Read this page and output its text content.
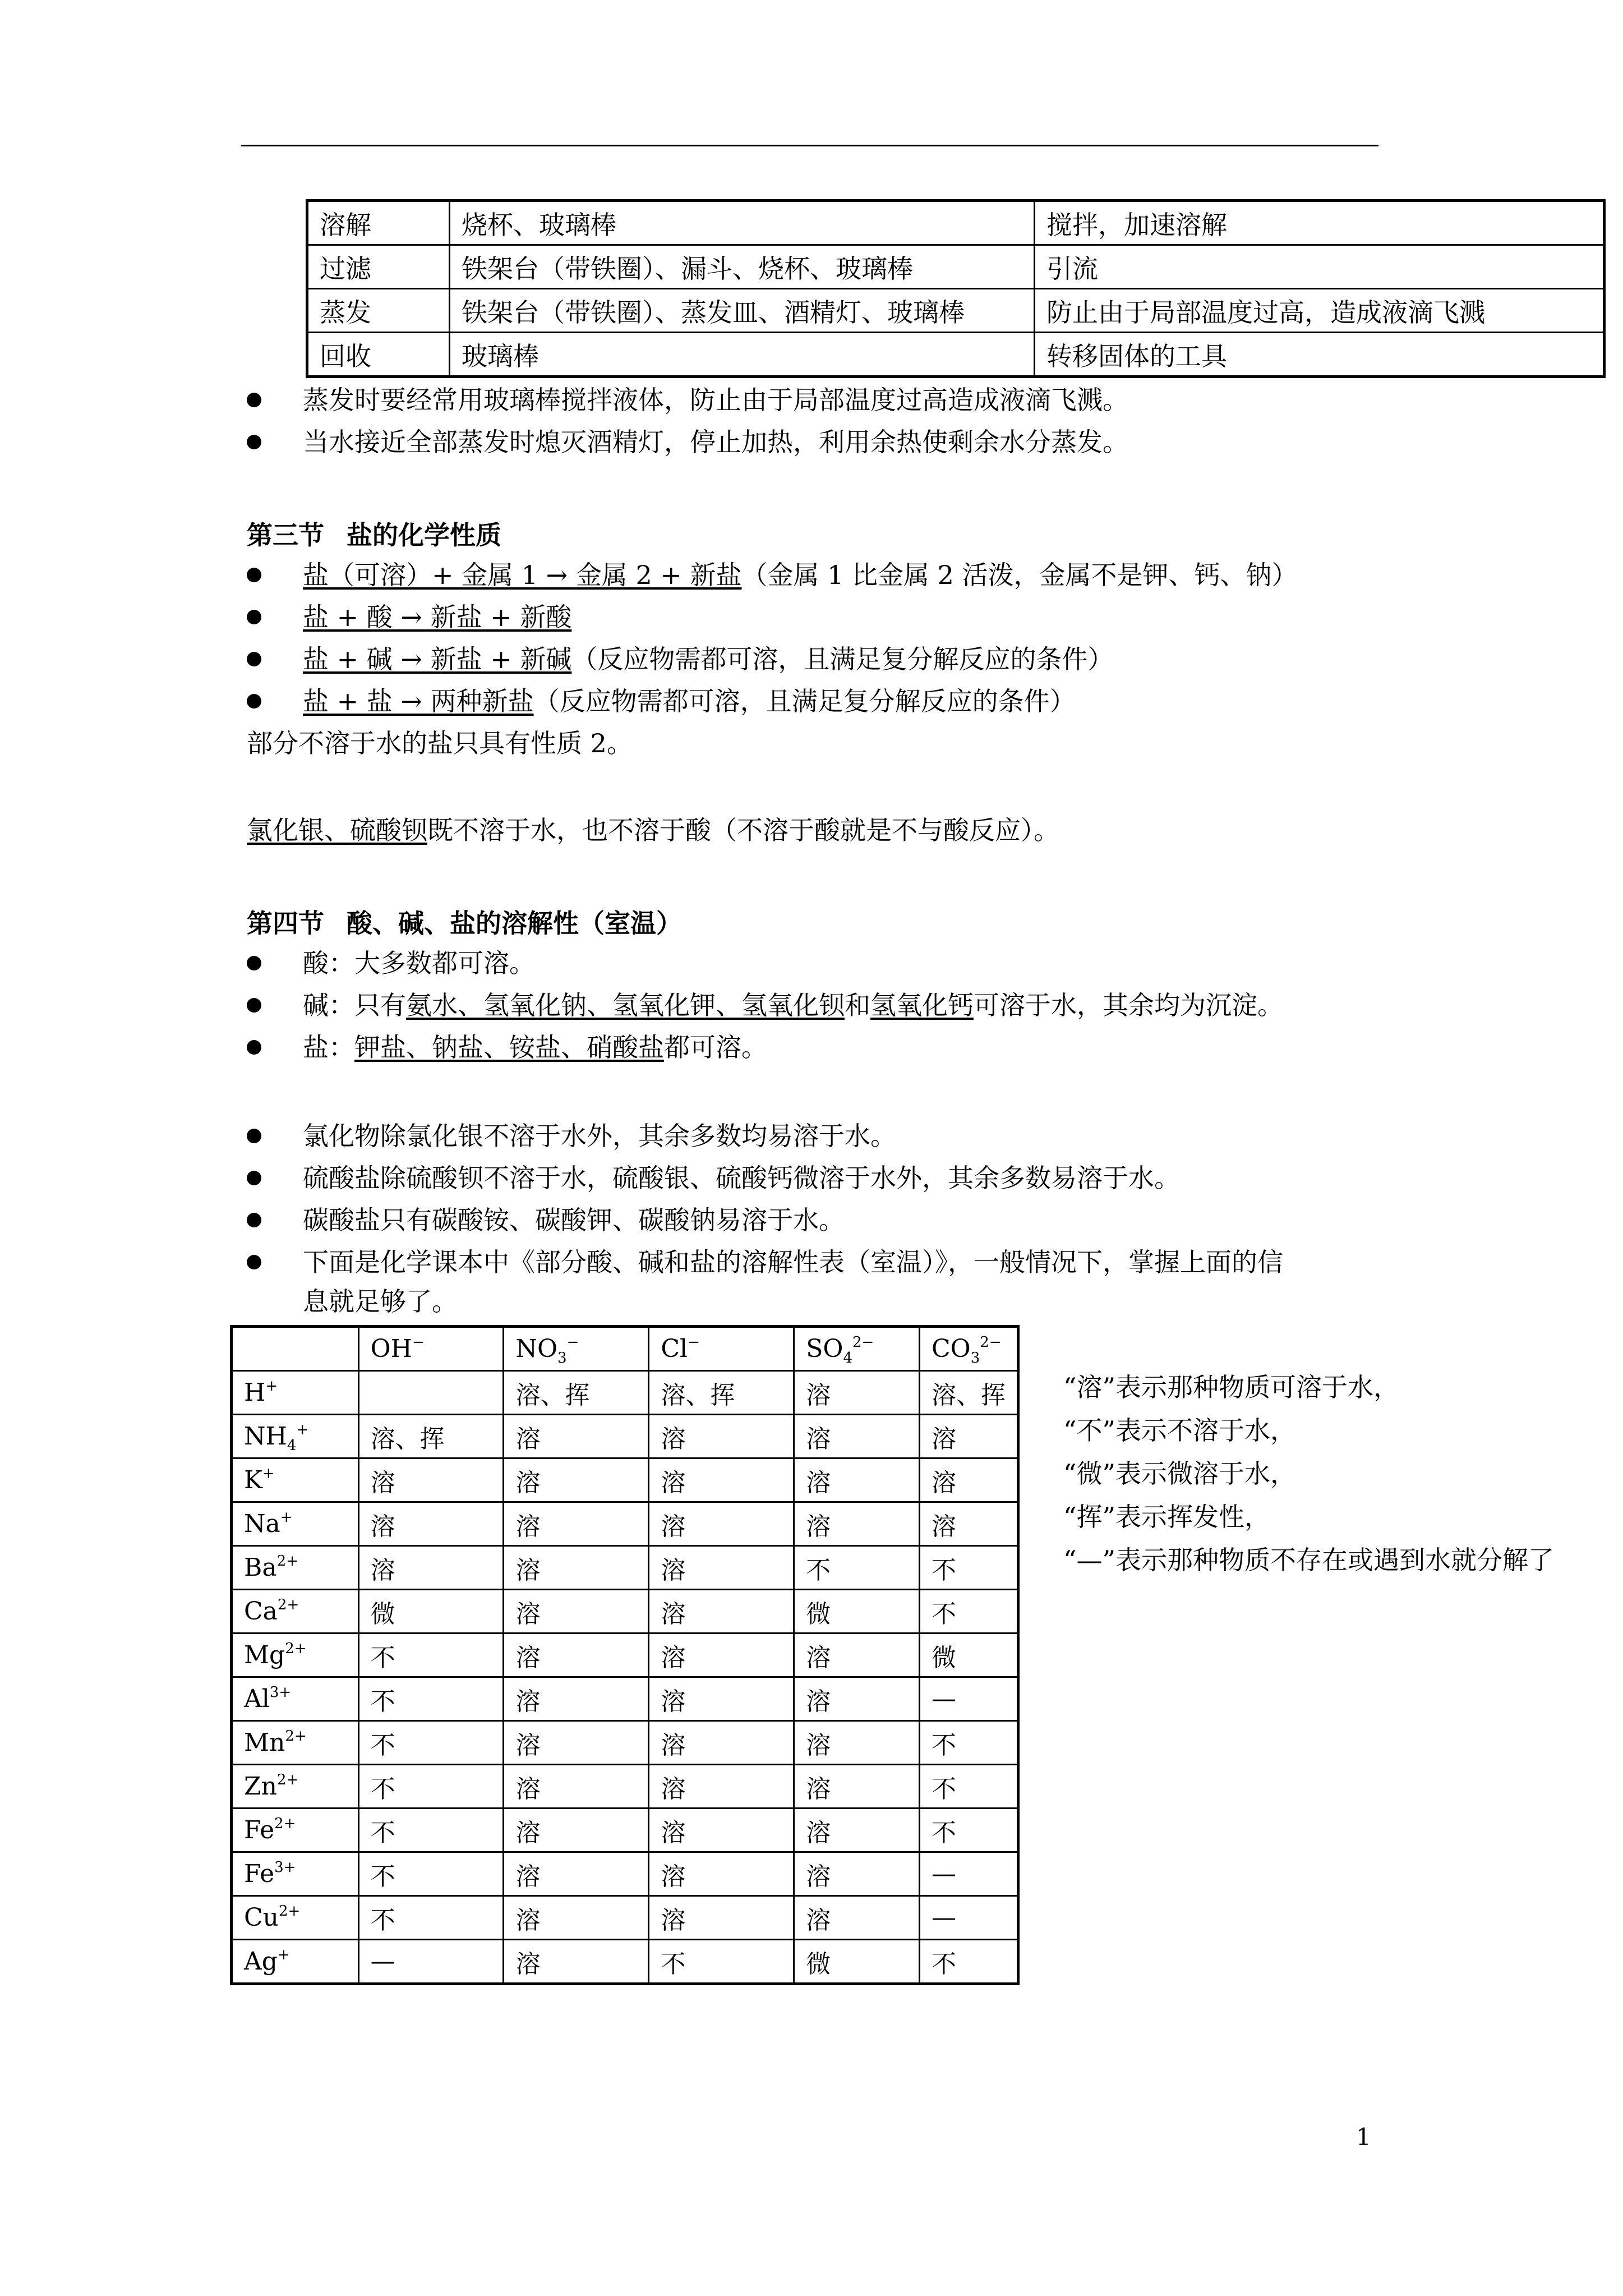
溶解	烧杯、玻璃棒	搅拌，加速溶解
过滤	铁架台（带铁圈）、漏斗、烧杯、玻璃棒	引流
蒸发	铁架台（带铁圈）、蒸发皿、酒精灯、玻璃棒	防止由于局部温度过高，造成液滴飞溅
回收	玻璃棒	转移固体的工具
蒸发时要经常用玻璃棒搅拌液体，防止由于局部温度过高造成液滴飞溅。
当水接近全部蒸发时熄灭酒精灯，停止加热，利用余热使剩余水分蒸发。
第三节 盐的化学性质
盐（可溶）+ 金属 1 → 金属 2 + 新盐（金属 1 比金属 2 活泼，金属不是钾、钙、钠）
盐 + 酸 → 新盐 + 新酸
盐 + 碱 → 新盐 + 新碱（反应物需都可溶，且满足复分解反应的条件）
盐 + 盐 → 两种新盐（反应物需都可溶，且满足复分解反应的条件）
部分不溶于水的盐只具有性质 2。
氯化银、硫酸钡既不溶于水，也不溶于酸（不溶于酸就是不与酸反应）。
第四节 酸、碱、盐的溶解性（室温）
酸：大多数都可溶。
碱：只有氨水、氢氧化钠、氢氧化钾、氢氧化钡和氢氧化钙可溶于水，其余均为沉淀。
盐：钾盐、钠盐、铵盐、硝酸盐都可溶。
氯化物除氯化银不溶于水外，其余多数均易溶于水。
硫酸盐除硫酸钡不溶于水，硫酸银、硫酸钙微溶于水外，其余多数易溶于水。
碳酸盐只有碳酸铵、碳酸钾、碳酸钠易溶于水。
下面是化学课本中《部分酸、碱和盐的溶解性表（室温）》，一般情况下，掌握上面的信
息就足够了。
	OH−	$NO_3^-$	Cl−	$SO_4^{2-}$	$CO_3^{2-}$
H+		溶、挥	溶、挥	溶	溶、挥
$NH_4^+$	溶、挥	溶	溶	溶	溶
K+	溶	溶	溶	溶	溶
Na+	溶	溶	溶	溶	溶
$Ba^{2+}$	溶	溶	溶	不	不
$Ca^{2+}$	微	溶	溶	微	不
$Mg^{2+}$	不	溶	溶	溶	微
$Al^{3+}$	不	溶	溶	溶	—
$Mn^{2+}$	不	溶	溶	溶	不
$Zn^{2+}$	不	溶	溶	溶	不
$Fe^{2+}$	不	溶	溶	溶	不
$Fe^{3+}$	不	溶	溶	溶	—
$Cu^{2+}$	不	溶	溶	溶	—
Ag+	—	溶	不	微	不
“溶”表示那种物质可溶于水，
“不”表示不溶于水，
“微”表示微溶于水，
“挥”表示挥发性，
“—”表示那种物质不存在或遇到水就分解了
1
